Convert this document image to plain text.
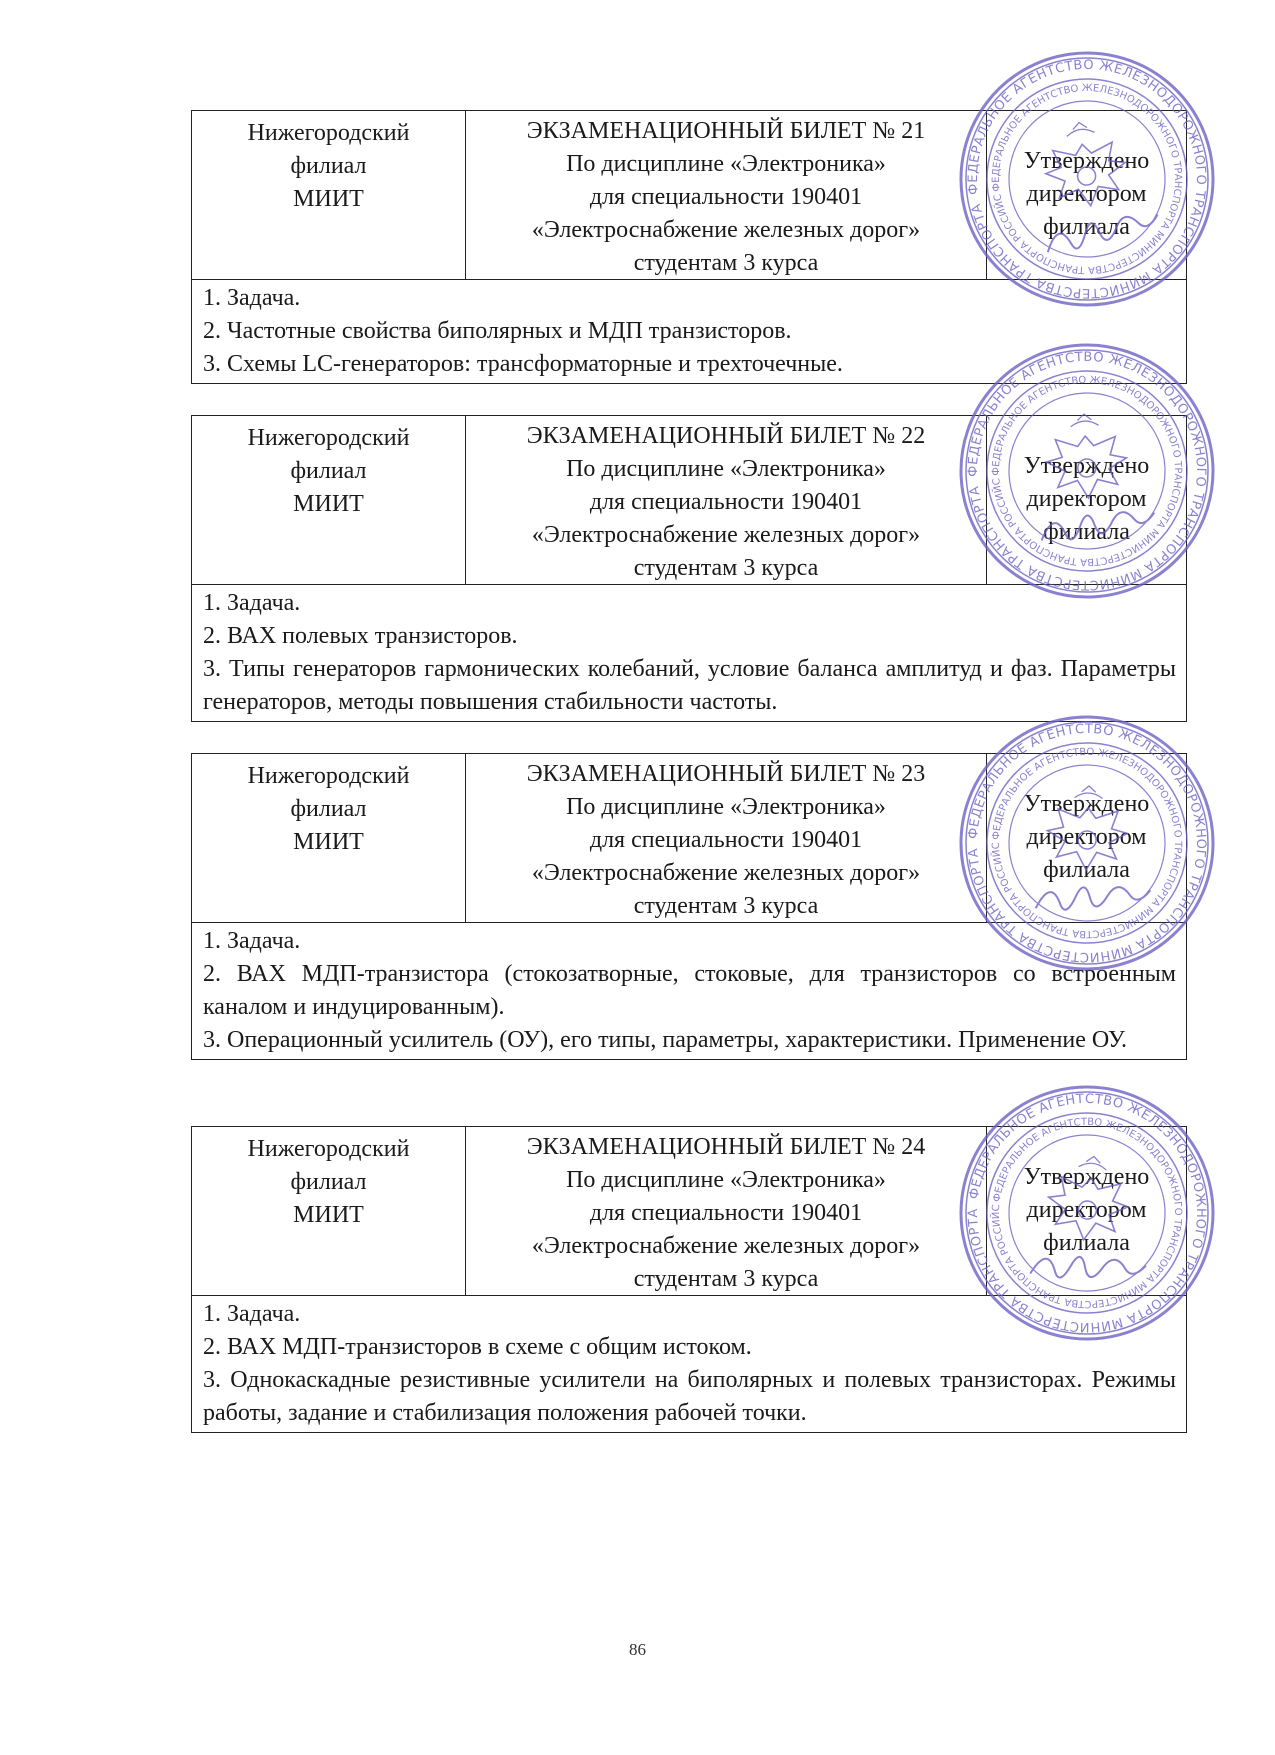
Нижегородский
филиал
МИИТ
ЭКЗАМЕНАЦИОННЫЙ БИЛЕТ № 21
По дисциплине «Электроника»
для специальности 190401
«Электроснабжение железных дорог»
студентам 3 курса
Утверждено
директором
филиала
1. Задача.
2. Частотные свойства биполярных и МДП транзисторов.
3. Схемы LC-генераторов: трансформаторные и трехточечные.
Нижегородский
филиал
МИИТ
ЭКЗАМЕНАЦИОННЫЙ БИЛЕТ № 22
По дисциплине «Электроника»
для специальности 190401
«Электроснабжение железных дорог»
студентам 3 курса
Утверждено
директором
филиала
1. Задача.
2. ВАХ полевых транзисторов.
3. Типы генераторов гармонических колебаний, условие баланса амплитуд и фаз. Параметры генераторов, методы повышения стабильности частоты.
Нижегородский
филиал
МИИТ
ЭКЗАМЕНАЦИОННЫЙ БИЛЕТ № 23
По дисциплине «Электроника»
для специальности 190401
«Электроснабжение железных дорог»
студентам 3 курса
Утверждено
директором
филиала
1. Задача.
2. ВАХ МДП-транзистора (стокозатворные, стоковые, для транзисторов со встроенным каналом и индуцированным).
3. Операционный усилитель (ОУ), его типы, параметры, характеристики. Применение ОУ.
Нижегородский
филиал
МИИТ
ЭКЗАМЕНАЦИОННЫЙ БИЛЕТ № 24
По дисциплине «Электроника»
для специальности 190401
«Электроснабжение железных дорог»
студентам 3 курса
Утверждено
директором
филиала
1. Задача.
2. ВАХ МДП-транзисторов в схеме с общим истоком.
3. Однокаскадные резистивные усилители на биполярных и полевых транзисторах. Режимы работы, задание и стабилизация положения рабочей точки.
ФЕДЕРАЛЬНОЕ АГЕНТСТВО ЖЕЛЕЗНОДОРОЖНОГО ТРАНСПОРТА МИНИСТЕРСТВА ТРАНСПОРТА
ФЕДЕРАЛЬНОЕ АГЕНТСТВО ЖЕЛЕЗНОДОРОЖНОГО ТРАНСПОРТА МИНИСТЕРСТВА ТРАНСПОРТА РОССИЙСКОЙ
ФЕДЕРАЛЬНОЕ АГЕНТСТВО ЖЕЛЕЗНОДОРОЖНОГО ТРАНСПОРТА МИНИСТЕРСТВА ТРАНСПОРТА
ФЕДЕРАЛЬНОЕ АГЕНТСТВО ЖЕЛЕЗНОДОРОЖНОГО ТРАНСПОРТА МИНИСТЕРСТВА ТРАНСПОРТА РОССИЙСКОЙ
ФЕДЕРАЛЬНОЕ АГЕНТСТВО ЖЕЛЕЗНОДОРОЖНОГО ТРАНСПОРТА МИНИСТЕРСТВА ТРАНСПОРТА
ФЕДЕРАЛЬНОЕ АГЕНТСТВО ЖЕЛЕЗНОДОРОЖНОГО ТРАНСПОРТА МИНИСТЕРСТВА ТРАНСПОРТА РОССИЙСКОЙ
ФЕДЕРАЛЬНОЕ АГЕНТСТВО ЖЕЛЕЗНОДОРОЖНОГО ТРАНСПОРТА МИНИСТЕРСТВА ТРАНСПОРТА
ФЕДЕРАЛЬНОЕ АГЕНТСТВО ЖЕЛЕЗНОДОРОЖНОГО ТРАНСПОРТА МИНИСТЕРСТВА ТРАНСПОРТА РОССИЙСКОЙ
86
